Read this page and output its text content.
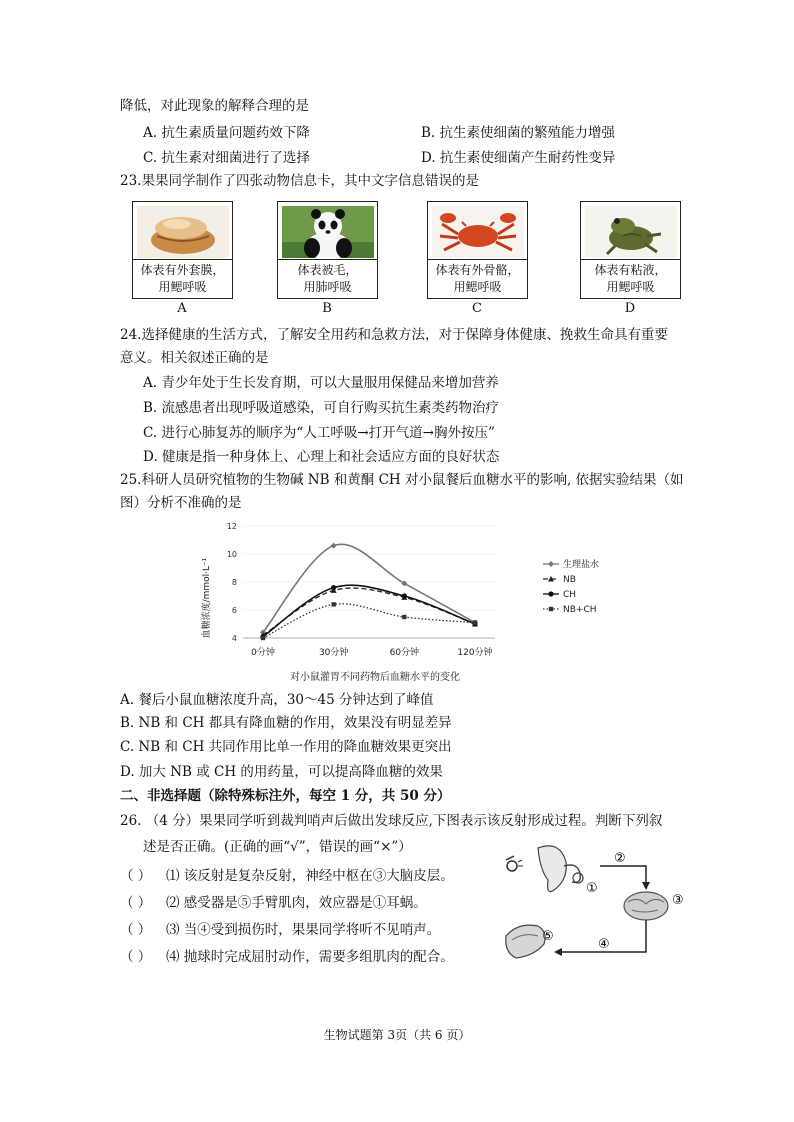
降低，对此现象的解释合理的是
A. 抗生素质量问题药效下降	B. 抗生素使细菌的繁殖能力增强
C. 抗生素对细菌进行了选择	D. 抗生素使细菌产生耐药性变异
23.果果同学制作了四张动物信息卡，其中文字信息错误的是
体表有外套膜，
用鳃呼吸
A
体表被毛，
用肺呼吸
B
体表有外骨骼，
用鳃呼吸
C
体表有粘液，
用鳃呼吸
D
24.选择健康的生活方式，了解安全用药和急救方法，对于保障身体健康、挽救生命具有重要
意义。相关叙述正确的是
A. 青少年处于生长发育期，可以大量服用保健品来增加营养
B. 流感患者出现呼吸道感染，可自行购买抗生素类药物治疗
C. 进行心肺复苏的顺序为“人工呼吸→打开气道→胸外按压”
D. 健康是指一种身体上、心理上和社会适应方面的良好状态
25.科研人员研究植物的生物碱 NB 和黄酮 CH 对小鼠餐后血糖水平的影响, 依据实验结果（如
图）分析不准确的是
血糖浓度/mmol·L⁻¹
4
6
8
10
12
0分钟	30分钟	60分钟	120分钟
生理盐水
NB
CH
NB+CH
对小鼠灌胃不同药物后血糖水平的变化
A. 餐后小鼠血糖浓度升高，30～45 分钟达到了峰值
B. NB 和 CH 都具有降血糖的作用，效果没有明显差异
C. NB 和 CH 共同作用比单一作用的降血糖效果更突出
D. 加大 NB 或 CH 的用药量，可以提高降血糖的效果
二、非选择题（除特殊标注外，每空 1 分，共 50 分）
26. （4 分）果果同学听到裁判哨声后做出发球反应,下图表示该反射形成过程。判断下列叙
述是否正确。(正确的画“√”，错误的画“×”）
（ ） ⑴ 该反射是复杂反射，神经中枢在③大脑皮层。
（ ） ⑵ 感受器是⑤手臂肌肉，效应器是①耳蜗。
（ ） ⑶ 当④受到损伤时，果果同学将听不见哨声。
（ ） ⑷ 抛球时完成屈肘动作，需要多组肌肉的配合。
①
②
③
④
⑤
生物试题第 3页（共 6 页）
